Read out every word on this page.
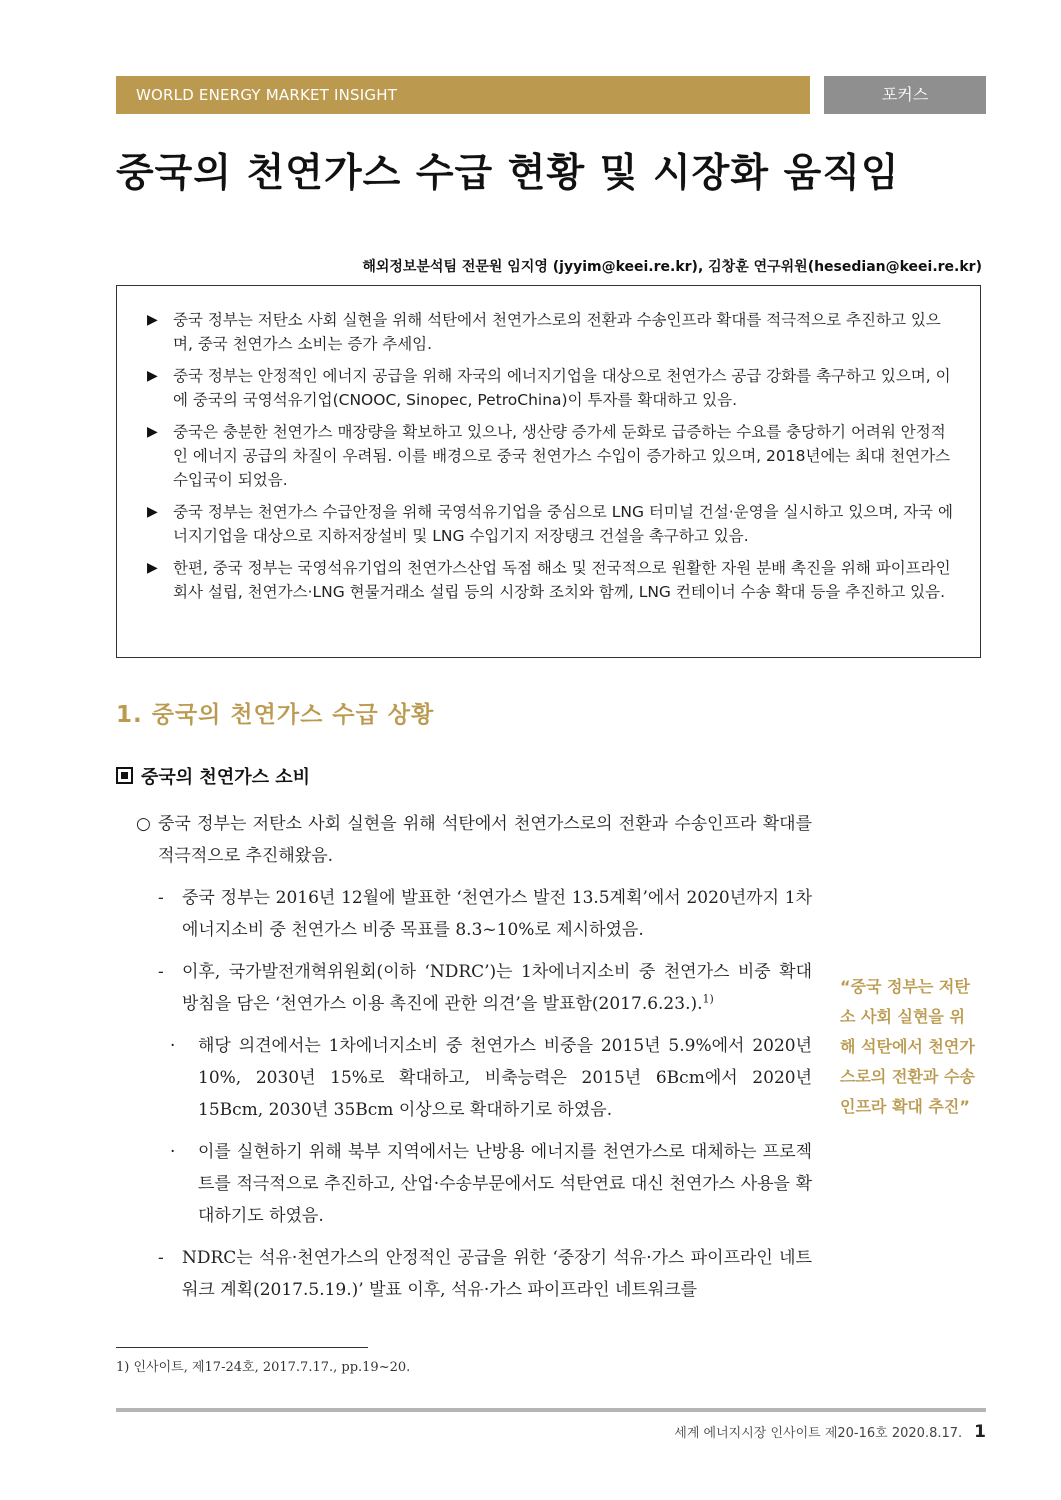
WORLD ENERGY MARKET INSIGHT	포커스
중국의 천연가스 수급 현황 및 시장화 움직임
해외정보분석팀 전문원 임지영 (jyyim@keei.re.kr), 김창훈 연구위원(hesedian@keei.re.kr)
▶ 중국 정부는 저탄소 사회 실현을 위해 석탄에서 천연가스로의 전환과 수송인프라 확대를 적극적으로 추진하고 있으며, 중국 천연가스 소비는 증가 추세임.
▶ 중국 정부는 안정적인 에너지 공급을 위해 자국의 에너지기업을 대상으로 천연가스 공급 강화를 촉구하고 있으며, 이에 중국의 국영석유기업(CNOOC, Sinopec, PetroChina)이 투자를 확대하고 있음.
▶ 중국은 충분한 천연가스 매장량을 확보하고 있으나, 생산량 증가세 둔화로 급증하는 수요를 충당하기 어려워 안정적인 에너지 공급의 차질이 우려됨. 이를 배경으로 중국 천연가스 수입이 증가하고 있으며, 2018년에는 최대 천연가스 수입국이 되었음.
▶ 중국 정부는 천연가스 수급안정을 위해 국영석유기업을 중심으로 LNG 터미널 건설·운영을 실시하고 있으며, 자국 에너지기업을 대상으로 지하저장설비 및 LNG 수입기지 저장탱크 건설을 촉구하고 있음.
▶ 한편, 중국 정부는 국영석유기업의 천연가스산업 독점 해소 및 전국적으로 원활한 자원 분배 촉진을 위해 파이프라인 회사 설립, 천연가스·LNG 현물거래소 설립 등의 시장화 조치와 함께, LNG 컨테이너 수송 확대 등을 추진하고 있음.
1. 중국의 천연가스 수급 상황
중국의 천연가스 소비
○ 중국 정부는 저탄소 사회 실현을 위해 석탄에서 천연가스로의 전환과 수송인프라 확대를 적극적으로 추진해왔음.
- 중국 정부는 2016년 12월에 발표한 ‘천연가스 발전 13.5계획’에서 2020년까지 1차에너지소비 중 천연가스 비중 목표를 8.3~10%로 제시하였음.
- 이후, 국가발전개혁위원회(이하 ‘NDRC’)는 1차에너지소비 중 천연가스 비중 확대 방침을 담은 ‘천연가스 이용 촉진에 관한 의견’을 발표함(2017.6.23.).$^{1)}$
· 해당 의견에서는 1차에너지소비 중 천연가스 비중을 2015년 5.9%에서 2020년 10%, 2030년 15%로 확대하고, 비축능력은 2015년 6Bcm에서 2020년 15Bcm, 2030년 35Bcm 이상으로 확대하기로 하였음.
· 이를 실현하기 위해 북부 지역에서는 난방용 에너지를 천연가스로 대체하는 프로젝트를 적극적으로 추진하고, 산업·수송부문에서도 석탄연료 대신 천연가스 사용을 확대하기도 하였음.
- NDRC는 석유·천연가스의 안정적인 공급을 위한 ‘중장기 석유·가스 파이프라인 네트워크 계획(2017.5.19.)’ 발표 이후, 석유·가스 파이프라인 네트워크를
“중국 정부는 저탄소 사회 실현을 위해 석탄에서 천연가스로의 전환과 수송인프라 확대 추진”
1) 인사이트, 제17-24호, 2017.7.17., pp.19~20.
세계 에너지시장 인사이트 제20-16호 2020.8.17. 1
